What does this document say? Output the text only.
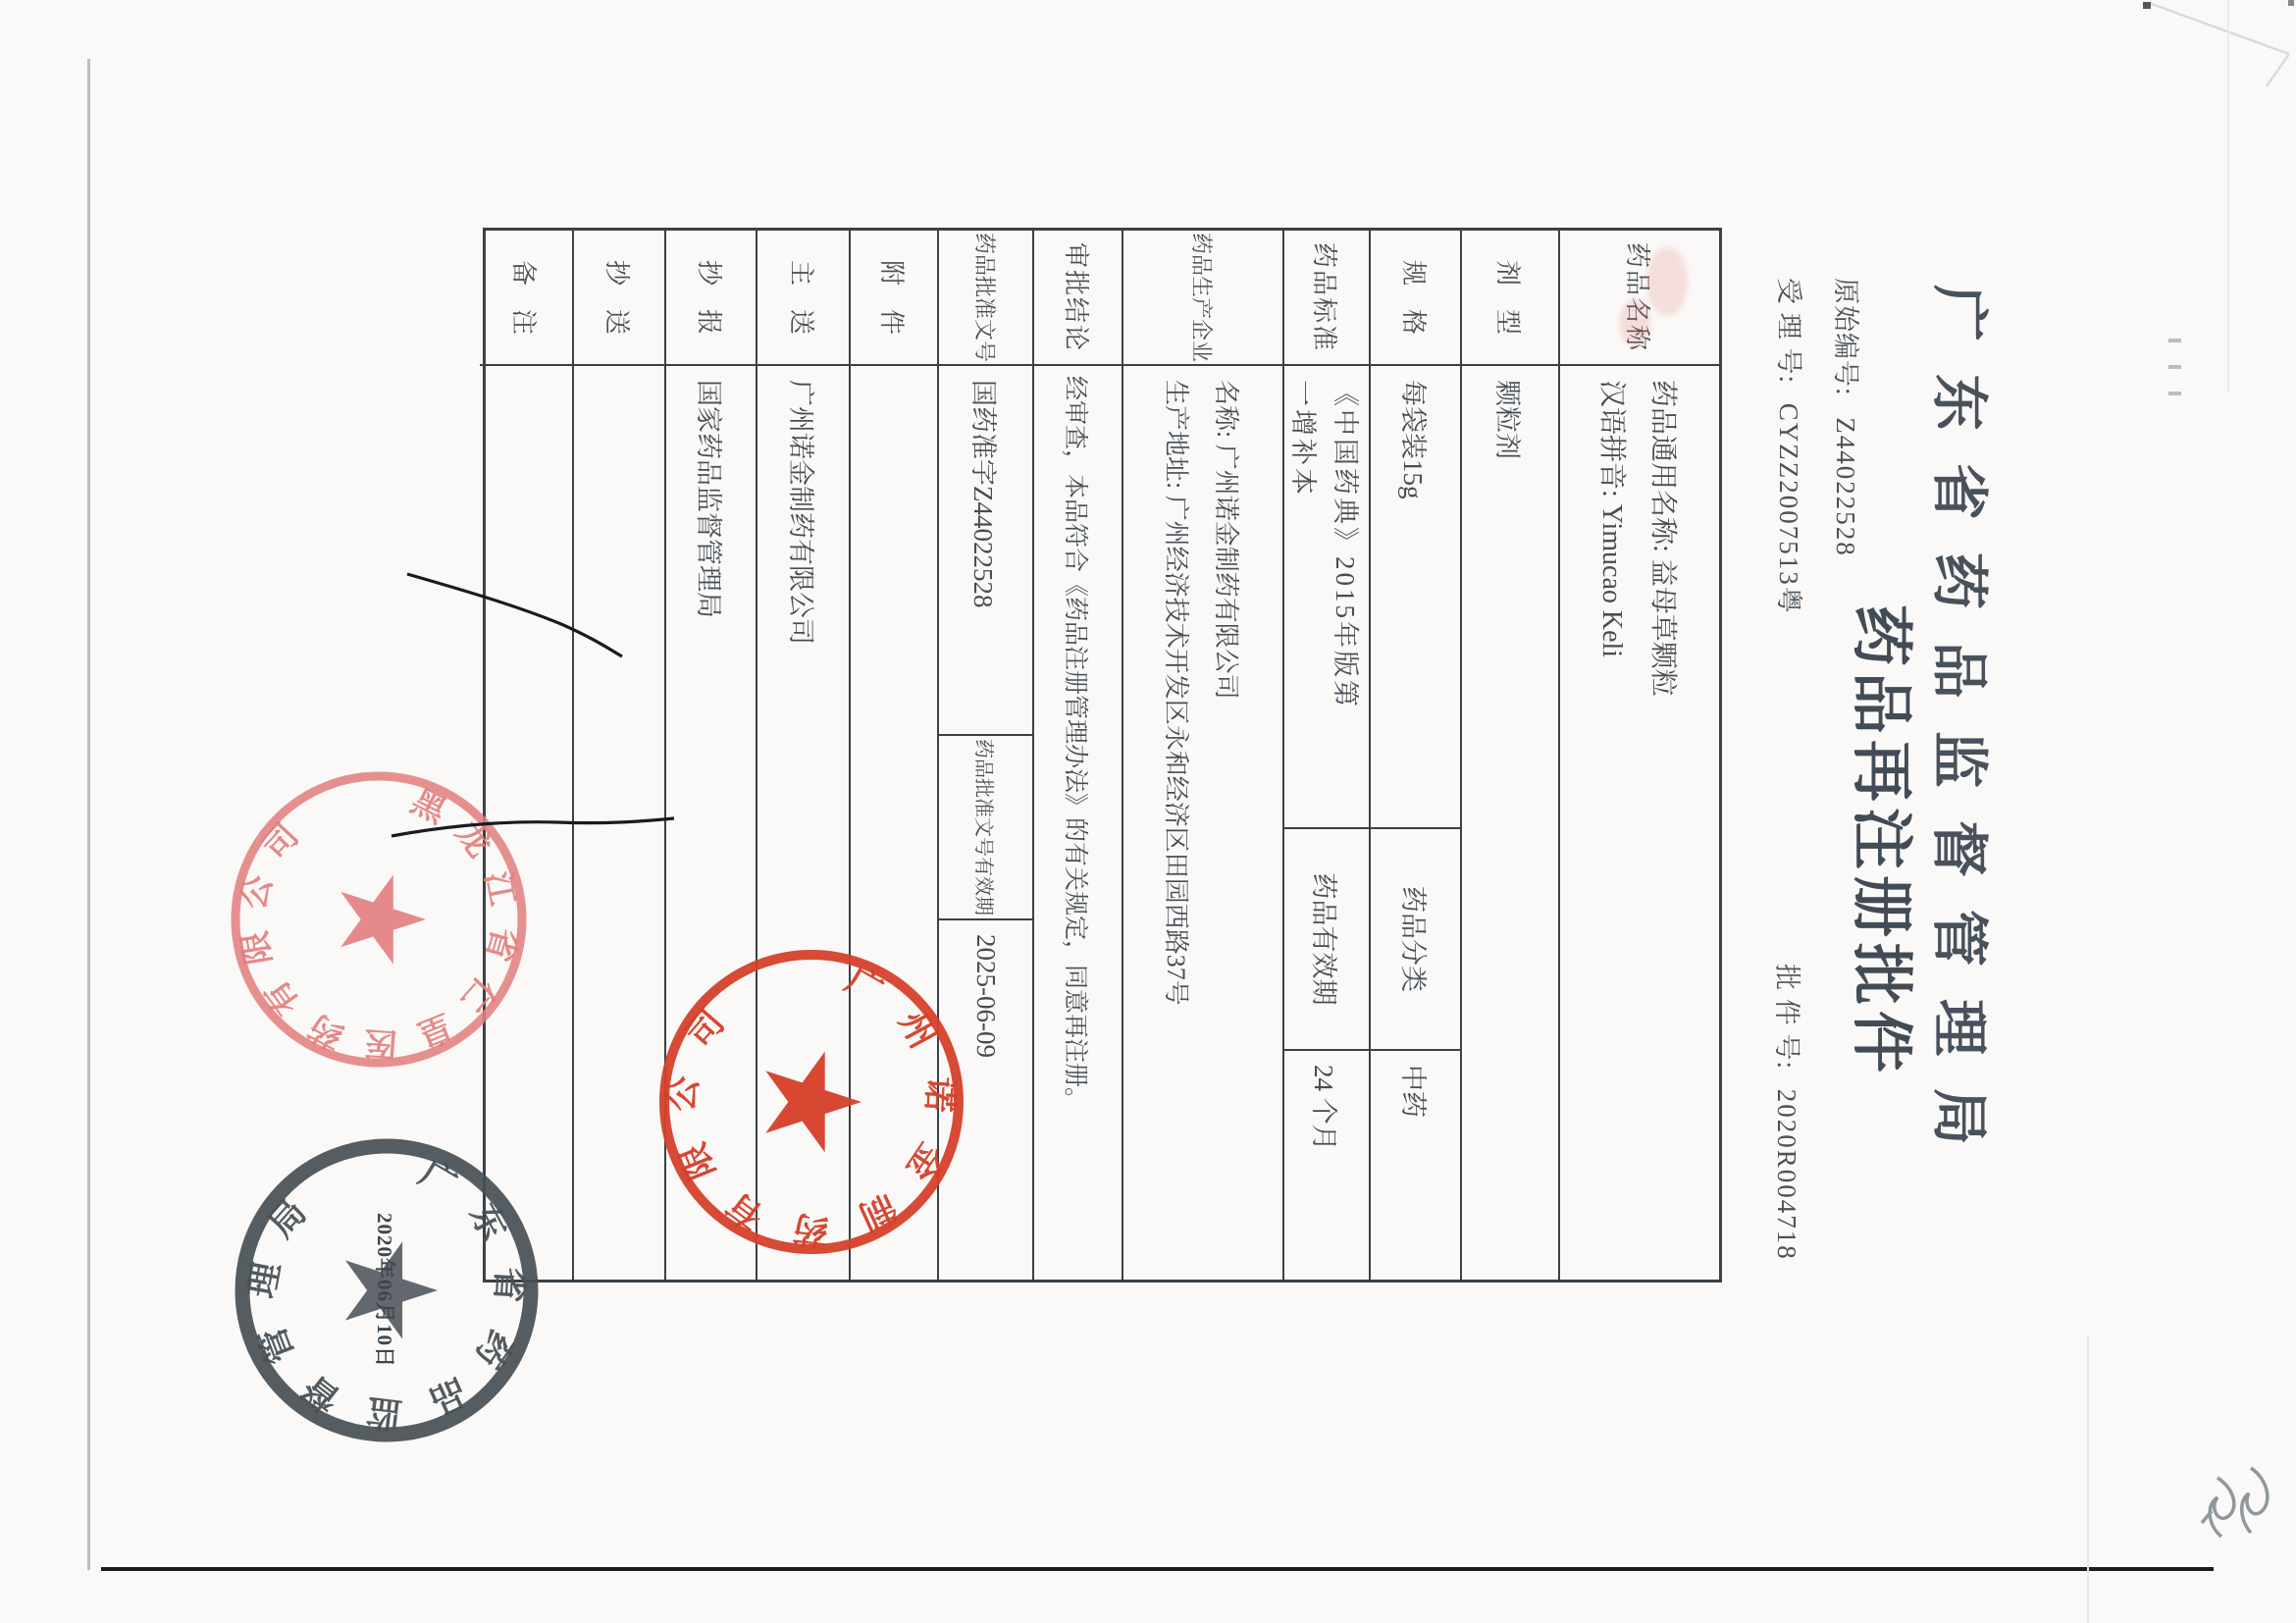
广东省药品监督管理局
药品再注册批件
原始编号: Z44022528
受 理 号: CYZZ2007513粤
批 件 号: 2020R004718
药品名称
药品通用名称: 益母草颗粒
汉语拼音: Yimucao Keli
剂型
颗粒剂
规格
每袋装15g
药品分类
中药
药品标准
《中国药典》2015年版第
一增补本
药品有效期
24 个月
药品生产企业
名称: 广州诺金制药有限公司
生产地址: 广州经济技术开发区永和经济区田园西路37号
审批结论
经审查，本品符合《药品注册管理办法》的有关规定，同意再注册。
药品批准文号
国药准字Z44022528
药品批准文号有效期
2025-06-09
附件
主送
广州诺金制药有限公司
抄报
国家药品监督管理局
抄送
备注
黑龙江省仁皇医药有限公司
广州诺金制药有限公司
广东省药品监督管理局
2020年06月10日
